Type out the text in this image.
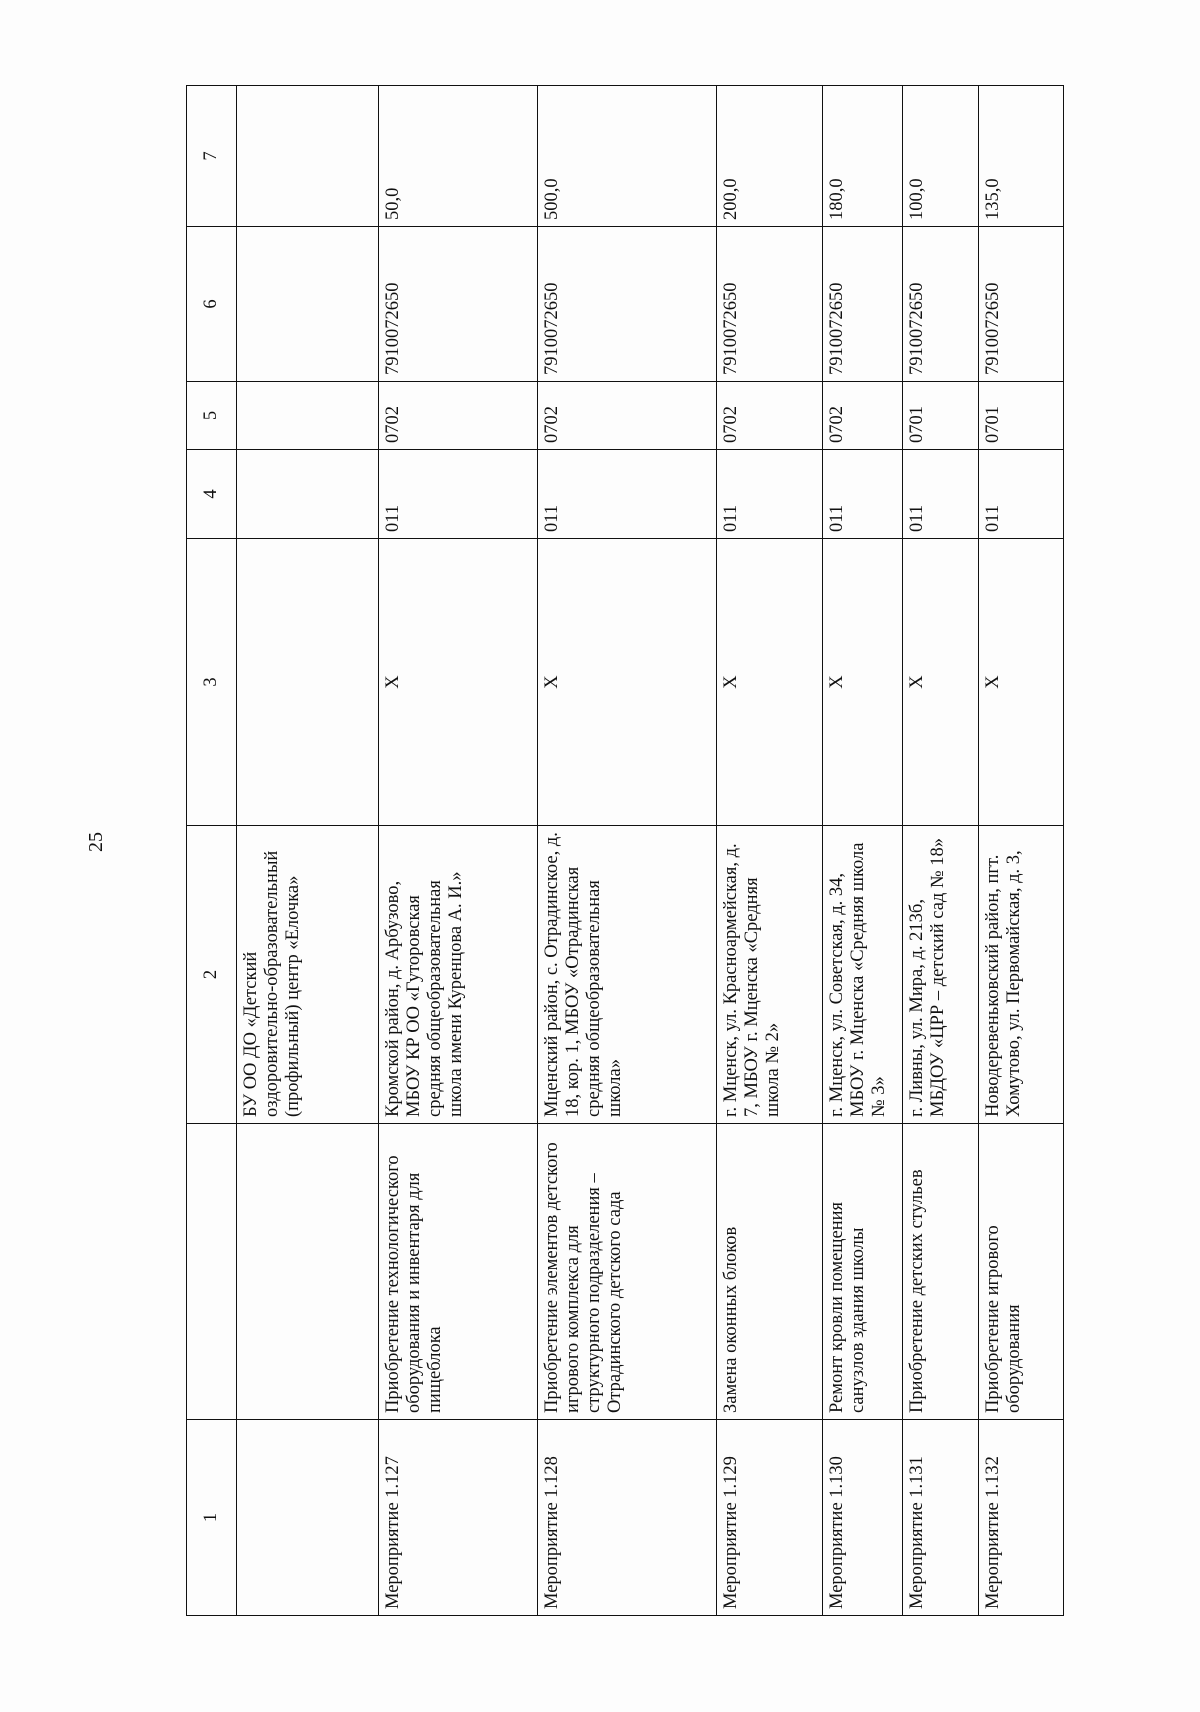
25
1		2	3	4	5	6	7
		БУ ОО ДО «Детский оздоровительно-образовательный (профильный) центр «Елочка»					
Мероприятие 1.127	Приобретение технологического оборудования и инвентаря для пищеблока	Кромской район, д. Арбузово, МБОУ КР ОО «Гуторовская средняя общеобразовательная школа имени Куренцова А. И.»	Х	011	0702	7910072650	50,0
Мероприятие 1.128	Приобретение элементов детского игрового комплекса для структурного подразделения – Отрадинского детского сада	Мценский район, с. Отрадинское, д. 18, кор. 1, МБОУ «Отрадинская средняя общеобразовательная школа»	Х	011	0702	7910072650	500,0
Мероприятие 1.129	Замена оконных блоков	г. Мценск, ул. Красноармейская, д. 7, МБОУ г. Мценска «Средняя школа № 2»	Х	011	0702	7910072650	200,0
Мероприятие 1.130	Ремонт кровли помещения санузлов здания школы	г. Мценск, ул. Советская, д. 34, МБОУ г. Мценска «Средняя школа № 3»	Х	011	0702	7910072650	180,0
Мероприятие 1.131	Приобретение детских стульев	г. Ливны, ул. Мира, д. 213б, МБДОУ «ЦРР – детский сад № 18»	Х	011	0701	7910072650	100,0
Мероприятие 1.132	Приобретение игрового оборудования	Новодеревеньковский район, пгт. Хомутово, ул. Первомайская, д. 3,	Х	011	0701	7910072650	135,0
